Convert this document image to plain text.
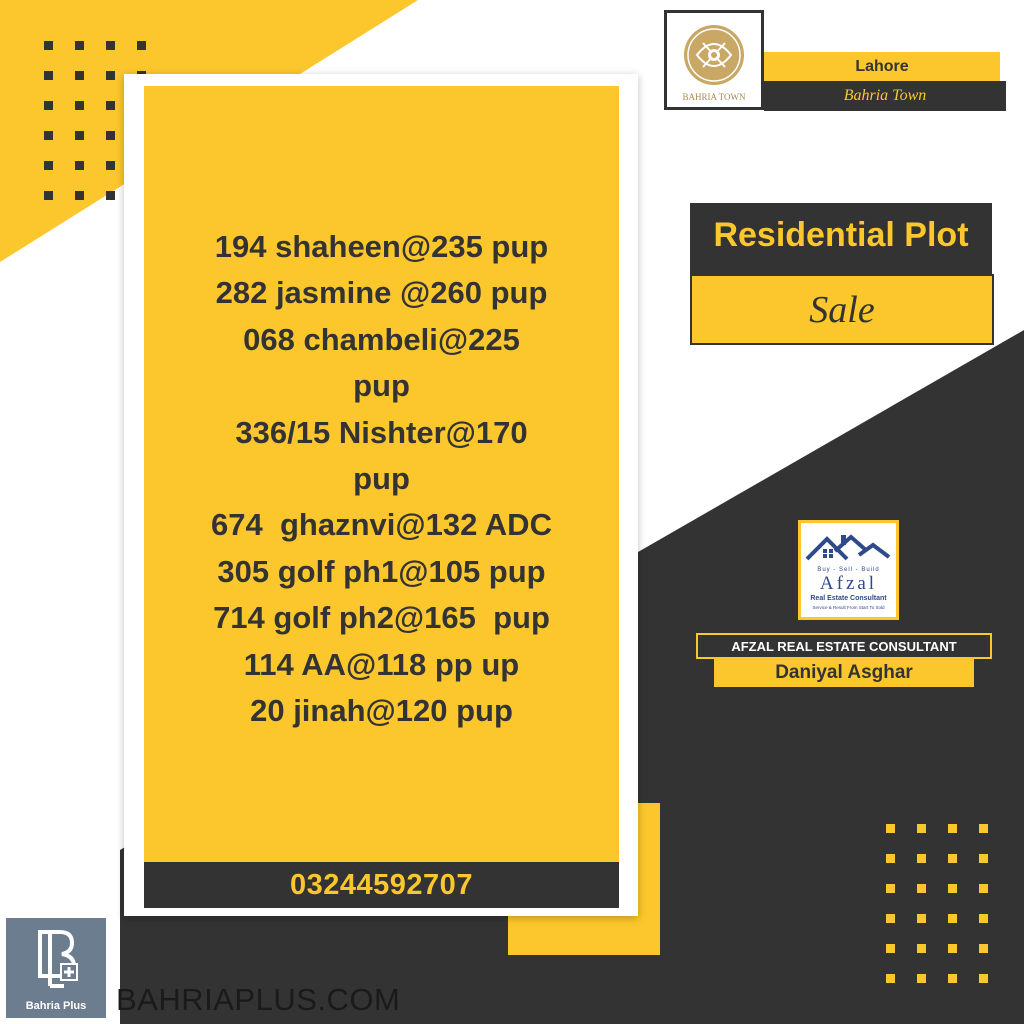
194 shaheen@235 pup
282 jasmine @260 pup
068 chambeli@225
pup
336/15 Nishter@170
pup
674  ghaznvi@132 ADC
305 golf ph1@105 pup
714 golf ph2@165  pup
114 AA@118 pp up
20 jinah@120 pup
03244592707
BAHRIA TOWN
Lahore
Bahria Town
Residential Plot
Sale
Buy - Sell - Build
Afzal
Real Estate Consultant
Service & Result From Start To Sold
AFZAL REAL ESTATE CONSULTANT
Daniyal Asghar
Bahria Plus BAHRIAPLUS.COM
